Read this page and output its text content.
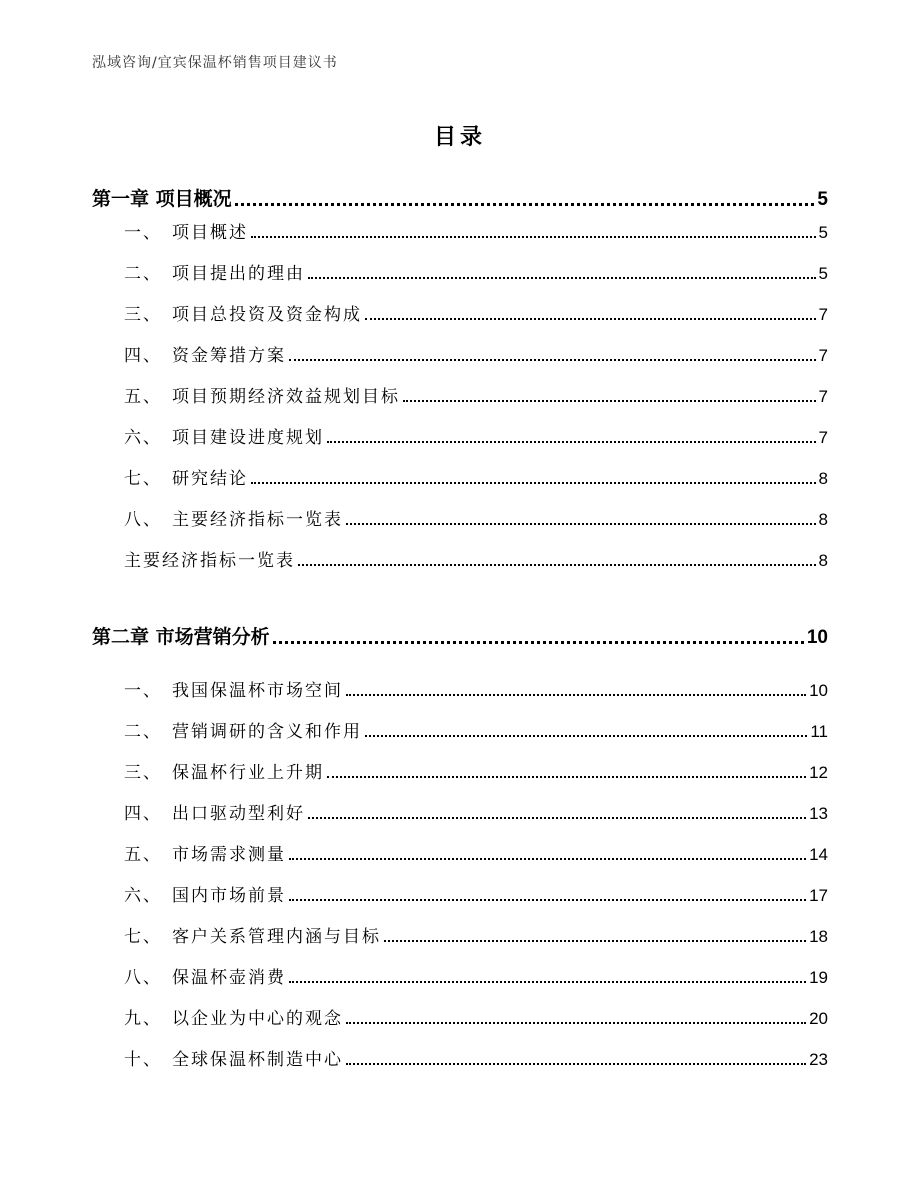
泓域咨询/宜宾保温杯销售项目建议书
目录
第一章 项目概况	5
一、 项目概述	5
二、 项目提出的理由	5
三、 项目总投资及资金构成	7
四、 资金筹措方案	7
五、 项目预期经济效益规划目标	7
六、 项目建设进度规划	7
七、 研究结论	8
八、 主要经济指标一览表	8
主要经济指标一览表	8
第二章 市场营销分析	10
一、 我国保温杯市场空间	10
二、 营销调研的含义和作用	11
三、 保温杯行业上升期	12
四、 出口驱动型利好	13
五、 市场需求测量	14
六、 国内市场前景	17
七、 客户关系管理内涵与目标	18
八、 保温杯壶消费	19
九、 以企业为中心的观念	20
十、 全球保温杯制造中心	23
